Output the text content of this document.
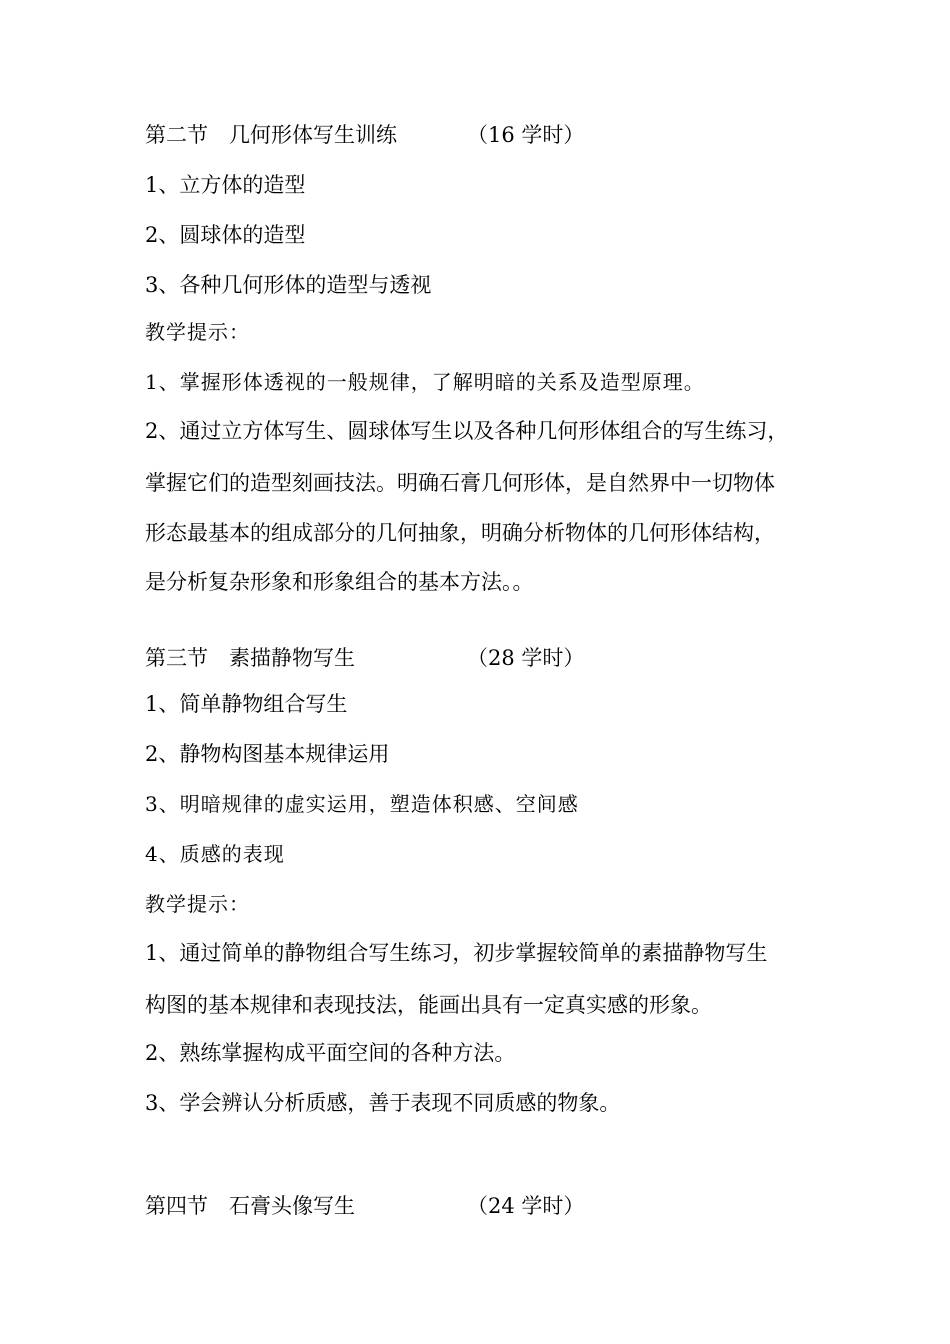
第二节　几何形体写生训练	（16 学时）
1、立方体的造型
2、圆球体的造型
3、各种几何形体的造型与透视
教学提示：
1、掌握形体透视的一般规律，了解明暗的关系及造型原理。
2、通过立方体写生、圆球体写生以及各种几何形体组合的写生练习，
掌握它们的造型刻画技法。明确石膏几何形体，是自然界中一切物体
形态最基本的组成部分的几何抽象，明确分析物体的几何形体结构，
是分析复杂形象和形象组合的基本方法。。
第三节　素描静物写生	（28 学时）
1、简单静物组合写生
2、静物构图基本规律运用
3、明暗规律的虚实运用，塑造体积感、空间感
4、质感的表现
教学提示：
1、通过简单的静物组合写生练习，初步掌握较简单的素描静物写生
构图的基本规律和表现技法，能画出具有一定真实感的形象。
2、熟练掌握构成平面空间的各种方法。
3、学会辨认分析质感，善于表现不同质感的物象。
第四节　石膏头像写生	（24 学时）
